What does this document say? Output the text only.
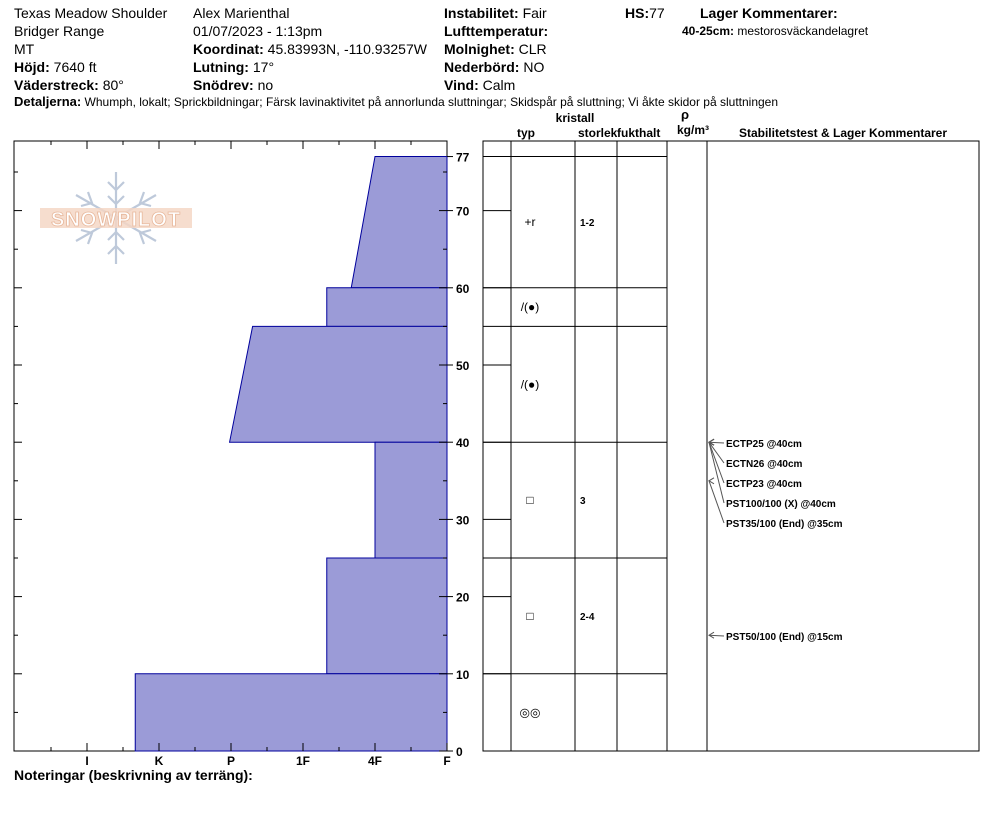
Texas Meadow Shoulder
Bridger Range
MT
Höjd: 7640 ft
Väderstreck: 80°
Alex Marienthal
01/07/2023 - 1:13pm
Koordinat: 45.83993N, -110.93257W
Lutning: 17°
Snödrev: no
Instabilitet: Fair
Lufttemperatur:
Molnighet: CLR
Nederbörd: NO
Vind: Calm
HS:77	Lager Kommentarer:
40-25cm: mestorosväckandelagret
Detaljerna: Whumph, lokalt; Sprickbildningar; Färsk lavinaktivitet på annorlunda sluttningar; Skidspår på sluttning; Vi åkte skidor på sluttningen
SNOWPILOT
I	K	P	1F	4F	F
0
10
20
30
40
50
60
70
77
+r	1-2
/(●)
/(●)
□	3
□	2-4
◎◎
ECTP25 @40cm
ECTN26 @40cm
ECTP23 @40cm
PST100/100 (X) @40cm
PST35/100 (End) @35cm
PST50/100 (End) @15cm
kristall
typ	storlek fukthalt
ρ
kg/m³ Stabilitetstest & Lager Kommentarer
Noteringar (beskrivning av terräng):
